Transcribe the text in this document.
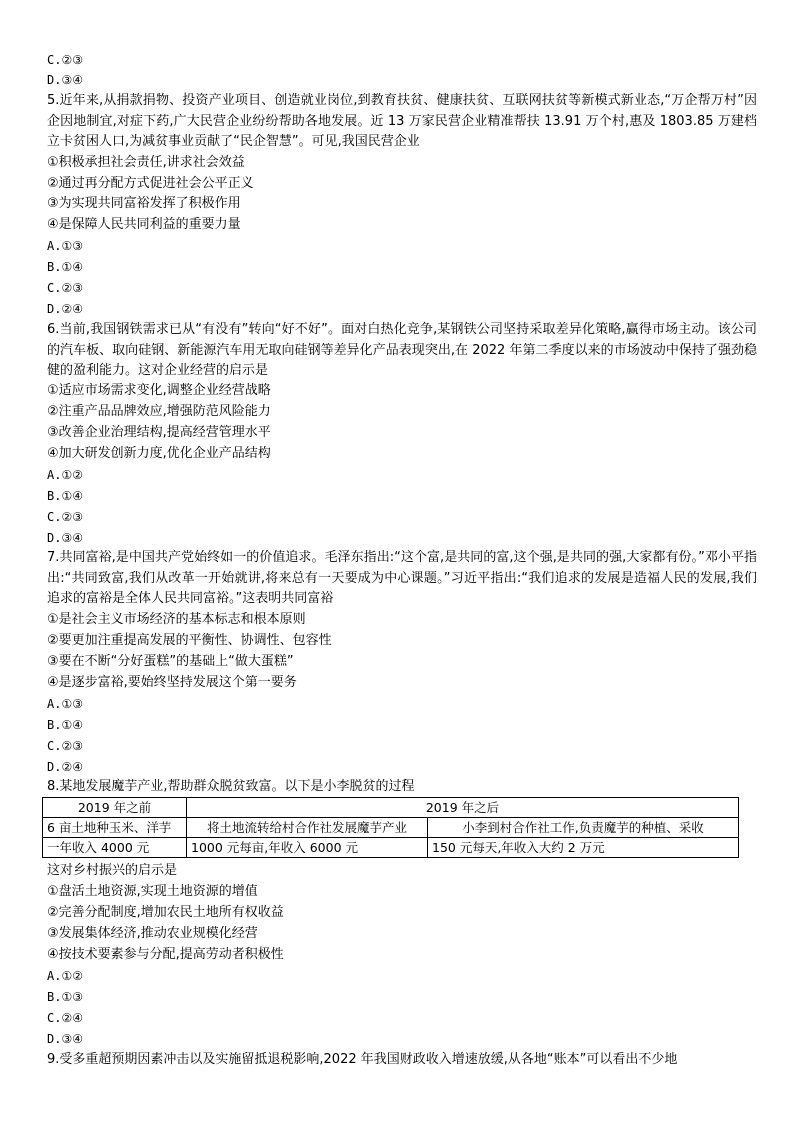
C.②③
D.③④
5.近年来,从捐款捐物、投资产业项目、创造就业岗位,到教育扶贫、健康扶贫、互联网扶贫等新模式新业态,“万企帮万村”因企因地制宜,对症下药,广大民营企业纷纷帮助各地发展。近 13 万家民营企业精准帮扶 13.91 万个村,惠及 1803.85 万建档立卡贫困人口,为减贫事业贡献了“民企智慧”。可见,我国民营企业
①积极承担社会责任,讲求社会效益
②通过再分配方式促进社会公平正义
③为实现共同富裕发挥了积极作用
④是保障人民共同利益的重要力量
A.①③
B.①④
C.②③
D.②④
6.当前,我国钢铁需求已从“有没有”转向“好不好”。面对白热化竞争,某钢铁公司坚持采取差异化策略,赢得市场主动。该公司的汽车板、取向硅钢、新能源汽车用无取向硅钢等差异化产品表现突出,在 2022 年第二季度以来的市场波动中保持了强劲稳健的盈利能力。这对企业经营的启示是
①适应市场需求变化,调整企业经营战略
②注重产品品牌效应,增强防范风险能力
③改善企业治理结构,提高经营管理水平
④加大研发创新力度,优化企业产品结构
A.①②
B.①④
C.②③
D.③④
7.共同富裕,是中国共产党始终如一的价值追求。毛泽东指出:“这个富,是共同的富,这个强,是共同的强,大家都有份。”邓小平指出:“共同致富,我们从改革一开始就讲,将来总有一天要成为中心课题。”习近平指出:“我们追求的发展是造福人民的发展,我们追求的富裕是全体人民共同富裕。”这表明共同富裕
①是社会主义市场经济的基本标志和根本原则
②要更加注重提高发展的平衡性、协调性、包容性
③要在不断“分好蛋糕”的基础上“做大蛋糕”
④是逐步富裕,要始终坚持发展这个第一要务
A.①③
B.①④
C.②③
D.②④
8.某地发展魔芋产业,帮助群众脱贫致富。以下是小李脱贫的过程
2019 年之前	2019 年之后	
6 亩土地种玉米、洋芋	将土地流转给村合作社发展魔芋产业	小李到村合作社工作,负责魔芋的种植、采收
一年收入 4000 元	1000 元每亩,年收入 6000 元	150 元每天,年收入大约 2 万元
这对乡村振兴的启示是
①盘活土地资源,实现土地资源的增值
②完善分配制度,增加农民土地所有权收益
③发展集体经济,推动农业规模化经营
④按技术要素参与分配,提高劳动者积极性
A.①②
B.①③
C.②④
D.③④
9.受多重超预期因素冲击以及实施留抵退税影响,2022 年我国财政收入增速放缓,从各地“账本”可以看出不少地
